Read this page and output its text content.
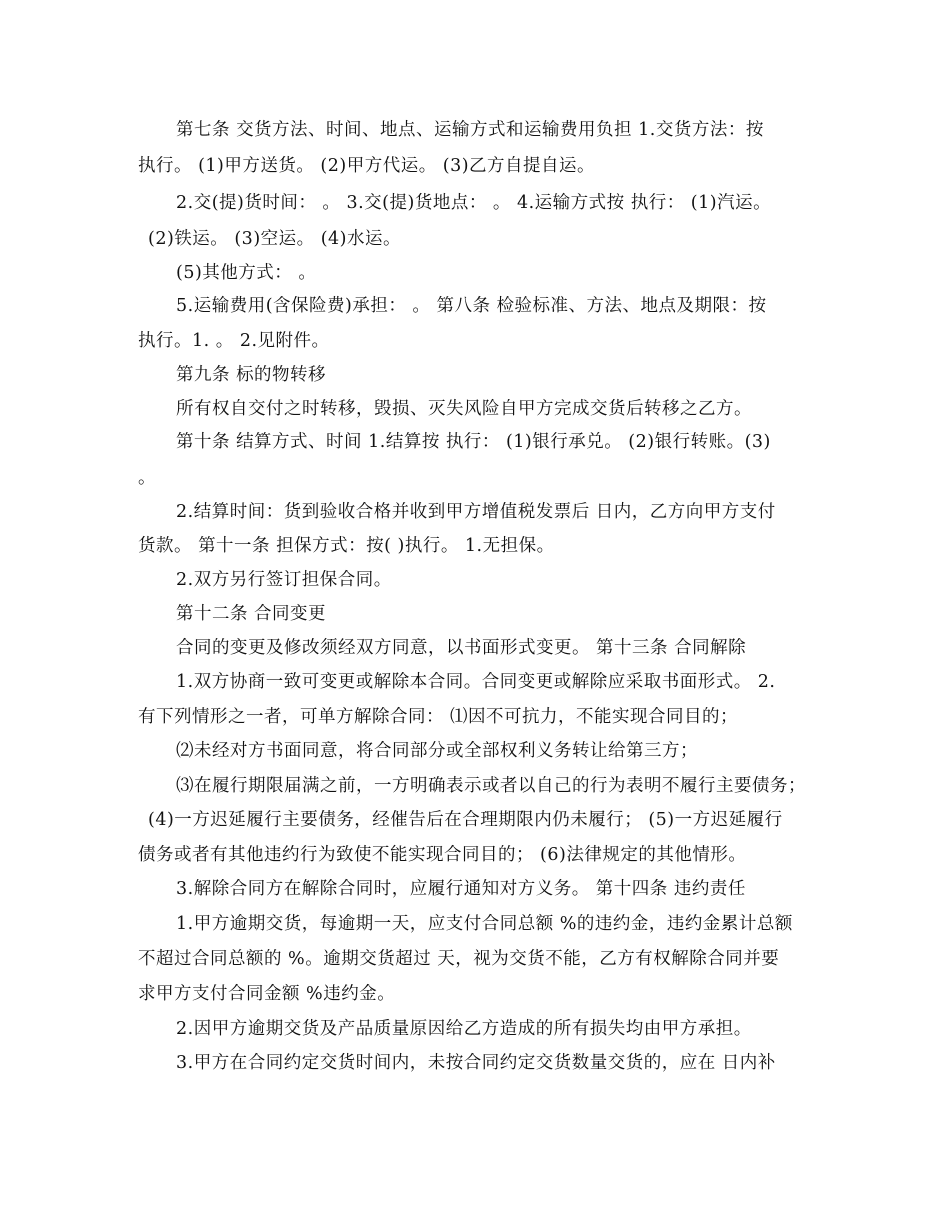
第七条 交货方法、时间、地点、运输方式和运输费用负担 1.交货方法：按
执行。 (1)甲方送货。 (2)甲方代运。 (3)乙方自提自运。
2.交(提)货时间： 。 3.交(提)货地点： 。 4.运输方式按 执行： (1)汽运。
(2)铁运。 (3)空运。 (4)水运。
(5)其他方式： 。
5.运输费用(含保险费)承担： 。 第八条 检验标准、方法、地点及期限：按
执行。1. 。 2.见附件。
第九条 标的物转移
所有权自交付之时转移，毁损、灭失风险自甲方完成交货后转移之乙方。
第十条 结算方式、时间 1.结算按 执行： (1)银行承兑。 (2)银行转账。(3)
。
2.结算时间：货到验收合格并收到甲方增值税发票后 日内，乙方向甲方支付
货款。 第十一条 担保方式：按( )执行。 1.无担保。
2.双方另行签订担保合同。
第十二条 合同变更
合同的变更及修改须经双方同意，以书面形式变更。 第十三条 合同解除
1.双方协商一致可变更或解除本合同。合同变更或解除应采取书面形式。 2.
有下列情形之一者，可单方解除合同： ⑴因不可抗力，不能实现合同目的；
⑵未经对方书面同意，将合同部分或全部权利义务转让给第三方；
⑶在履行期限届满之前，一方明确表示或者以自己的行为表明不履行主要债务；
(4)一方迟延履行主要债务，经催告后在合理期限内仍未履行； (5)一方迟延履行
债务或者有其他违约行为致使不能实现合同目的； (6)法律规定的其他情形。
3.解除合同方在解除合同时，应履行通知对方义务。 第十四条 违约责任
1.甲方逾期交货，每逾期一天，应支付合同总额 %的违约金，违约金累计总额
不超过合同总额的 %。逾期交货超过 天，视为交货不能，乙方有权解除合同并要
求甲方支付合同金额 %违约金。
2.因甲方逾期交货及产品质量原因给乙方造成的所有损失均由甲方承担。
3.甲方在合同约定交货时间内，未按合同约定交货数量交货的，应在 日内补
